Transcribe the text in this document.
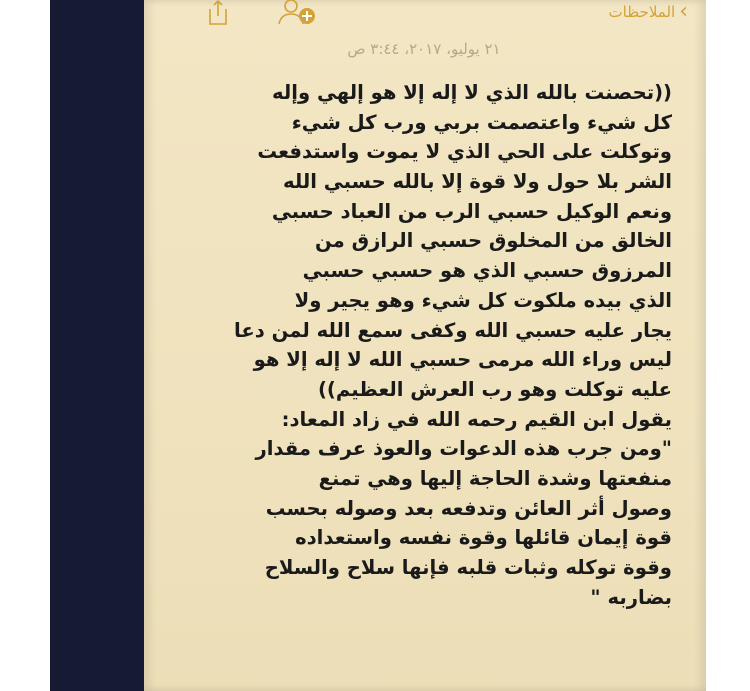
›
الملاحظات
٢١ يوليو، ٢٠١٧، ٣:٤٤ ص
((تحصنت بالله الذي لا إله إلا هو إلهي وإله
كل شيء واعتصمت بربي ورب كل شيء
وتوكلت على الحي الذي لا يموت واستدفعت
الشر بلا حول ولا قوة إلا بالله حسبي الله
ونعم الوكيل حسبي الرب من العباد حسبي
الخالق من المخلوق حسبي الرازق من
المرزوق حسبي الذي هو حسبي حسبي
الذي بيده ملكوت كل شيء وهو يجير ولا
يجار عليه حسبي الله وكفى سمع الله لمن دعا
ليس وراء الله مرمى حسبي الله لا إله إلا هو
عليه توكلت وهو رب العرش العظيم))
يقول ابن القيم رحمه الله في زاد المعاد:
"ومن جرب هذه الدعوات والعوذ عرف مقدار
منفعتها وشدة الحاجة إليها وهي تمنع
وصول أثر العائن وتدفعه بعد وصوله بحسب
قوة إيمان قائلها وقوة نفسه واستعداده
وقوة توكله وثبات قلبه فإنها سلاح والسلاح
بضاربه "
